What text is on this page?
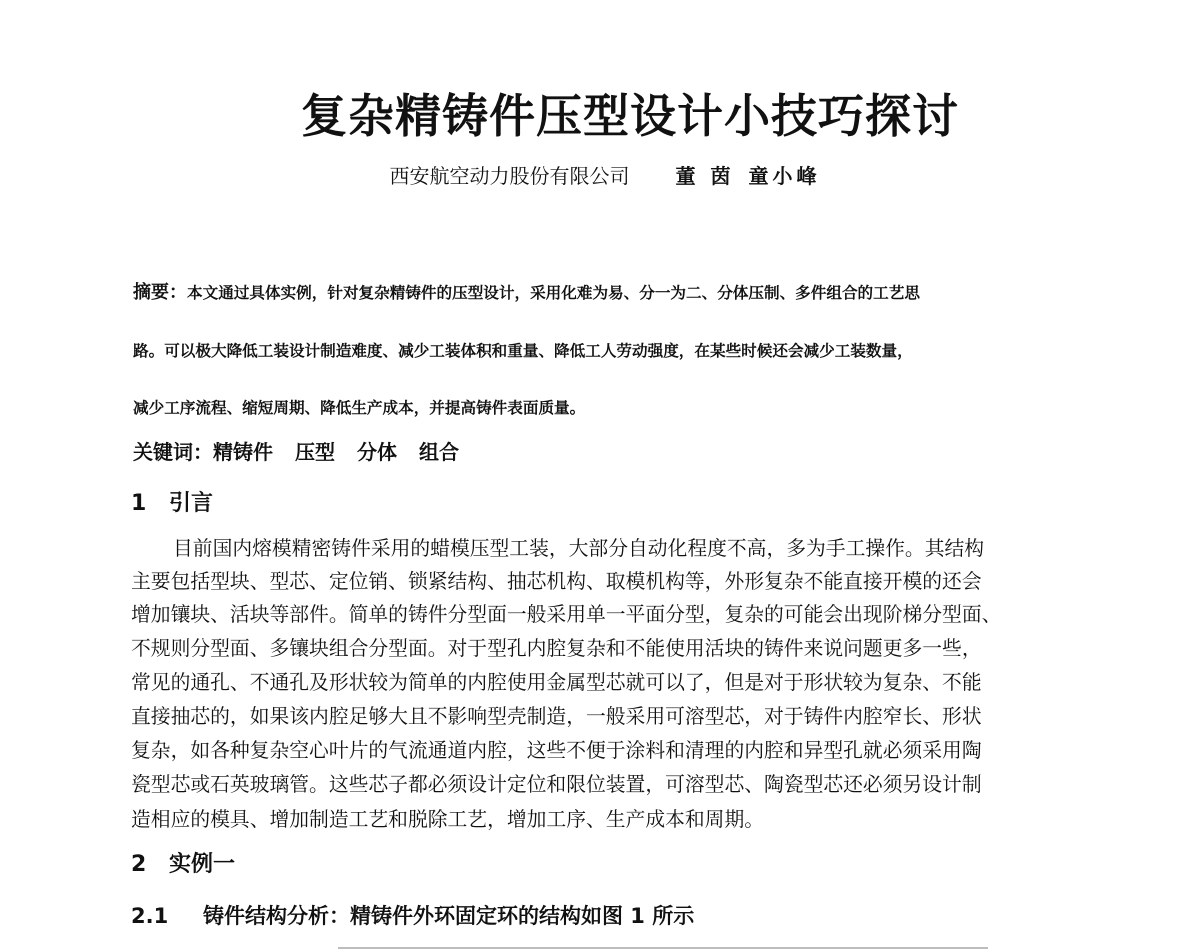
复杂精铸件压型设计小技巧探讨
西安航空动力股份有限公司 董 茵 童小峰
摘要：本文通过具体实例，针对复杂精铸件的压型设计，采用化难为易、分一为二、分体压制、多件组合的工艺思
路。可以极大降低工装设计制造难度、减少工装体积和重量、降低工人劳动强度，在某些时候还会减少工装数量，
减少工序流程、缩短周期、降低生产成本，并提高铸件表面质量。
关键词：精铸件 压型 分体 组合
1 引言
目前国内熔模精密铸件采用的蜡模压型工装，大部分自动化程度不高，多为手工操作。其结构
主要包括型块、型芯、定位销、锁紧结构、抽芯机构、取模机构等，外形复杂不能直接开模的还会
增加镶块、活块等部件。简单的铸件分型面一般采用单一平面分型，复杂的可能会出现阶梯分型面、
不规则分型面、多镶块组合分型面。对于型孔内腔复杂和不能使用活块的铸件来说问题更多一些，
常见的通孔、不通孔及形状较为简单的内腔使用金属型芯就可以了，但是对于形状较为复杂、不能
直接抽芯的，如果该内腔足够大且不影响型壳制造，一般采用可溶型芯，对于铸件内腔窄长、形状
复杂，如各种复杂空心叶片的气流通道内腔，这些不便于涂料和清理的内腔和异型孔就必须采用陶
瓷型芯或石英玻璃管。这些芯子都必须设计定位和限位装置，可溶型芯、陶瓷型芯还必须另设计制
造相应的模具、增加制造工艺和脱除工艺，增加工序、生产成本和周期。
2 实例一
2.1 铸件结构分析：精铸件外环固定环的结构如图 1 所示
